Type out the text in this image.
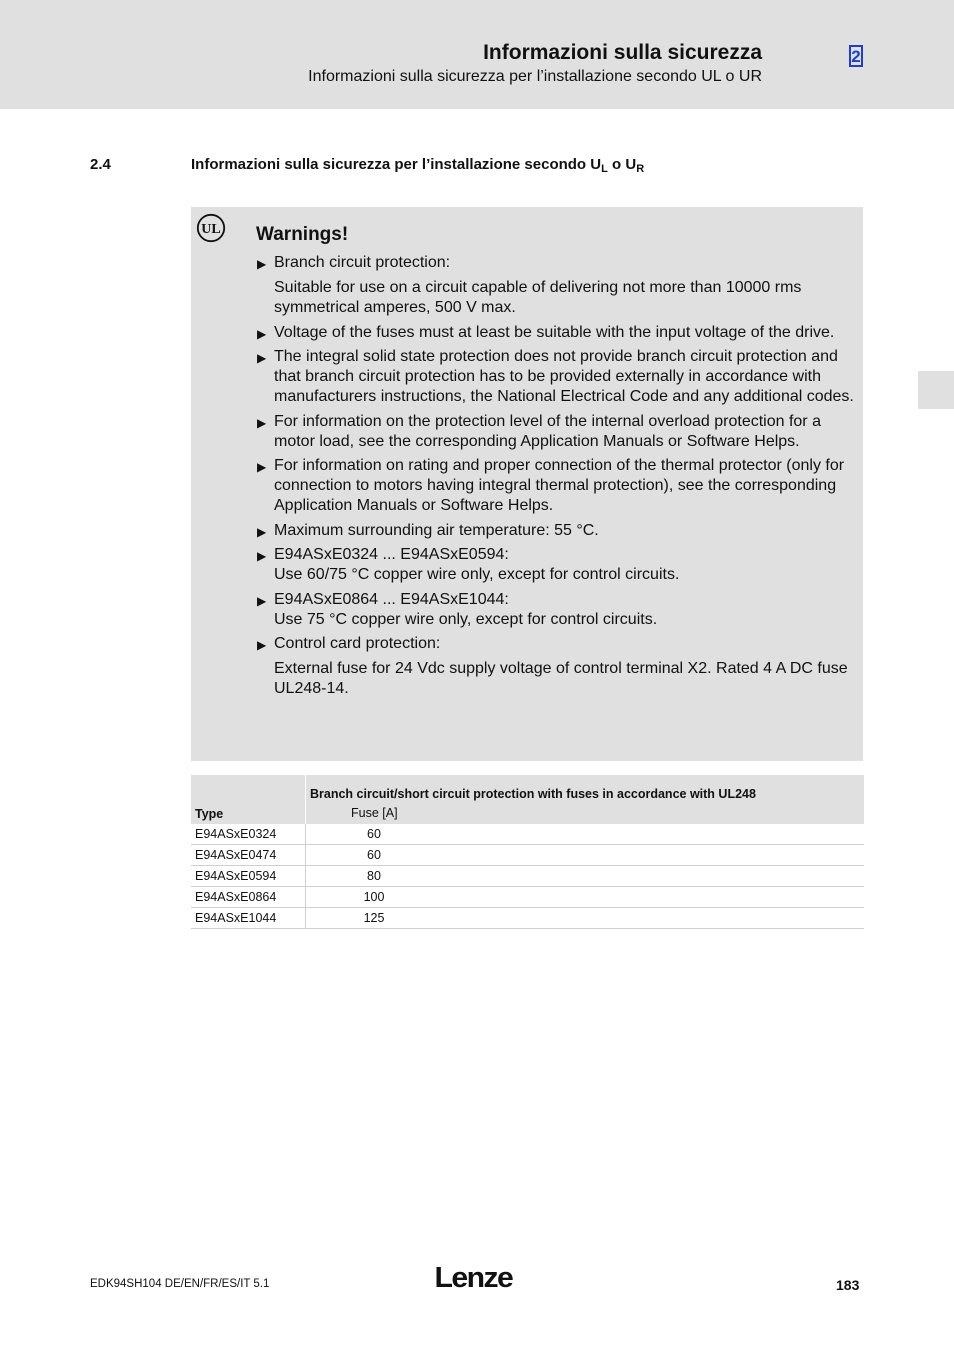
Informazioni sulla sicurezza
Informazioni sulla sicurezza per l’installazione secondo UL o UR
2
2.4	Informazioni sulla sicurezza per l’installazione secondo $U_L$ o $U_R$
UL Warnings!
▶ Branch circuit protection:
Suitable for use on a circuit capable of delivering not more than 10000 rms symmetrical amperes, 500 V max.
▶ Voltage of the fuses must at least be suitable with the input voltage of the drive.
▶ The integral solid state protection does not provide branch circuit protection and that branch circuit protection has to be provided externally in accordance with manufacturers instructions, the National Electrical Code and any additional codes.
▶ For information on the protection level of the internal overload protection for a motor load, see the corresponding Application Manuals or Software Helps.
▶ For information on rating and proper connection of the thermal protector (only for connection to motors having integral thermal protection), see the corresponding Application Manuals or Software Helps.
▶ Maximum surrounding air temperature: 55 °C.
▶ E94ASxE0324 ... E94ASxE0594:
Use 60/75 °C copper wire only, except for control circuits.
▶ E94ASxE0864 ... E94ASxE1044:
Use 75 °C copper wire only, except for control circuits.
▶ Control card protection:
External fuse for 24 Vdc supply voltage of control terminal X2. Rated 4 A DC fuse UL248-14.
Type	Branch circuit/short circuit protection with fuses in accordance with UL248
	Fuse [A]
E94ASxE0324	60
E94ASxE0474	60
E94ASxE0594	80
E94ASxE0864	100
E94ASxE1044	125
EDK94SH104 DE/EN/FR/ES/IT 5.1	Lenze	183
